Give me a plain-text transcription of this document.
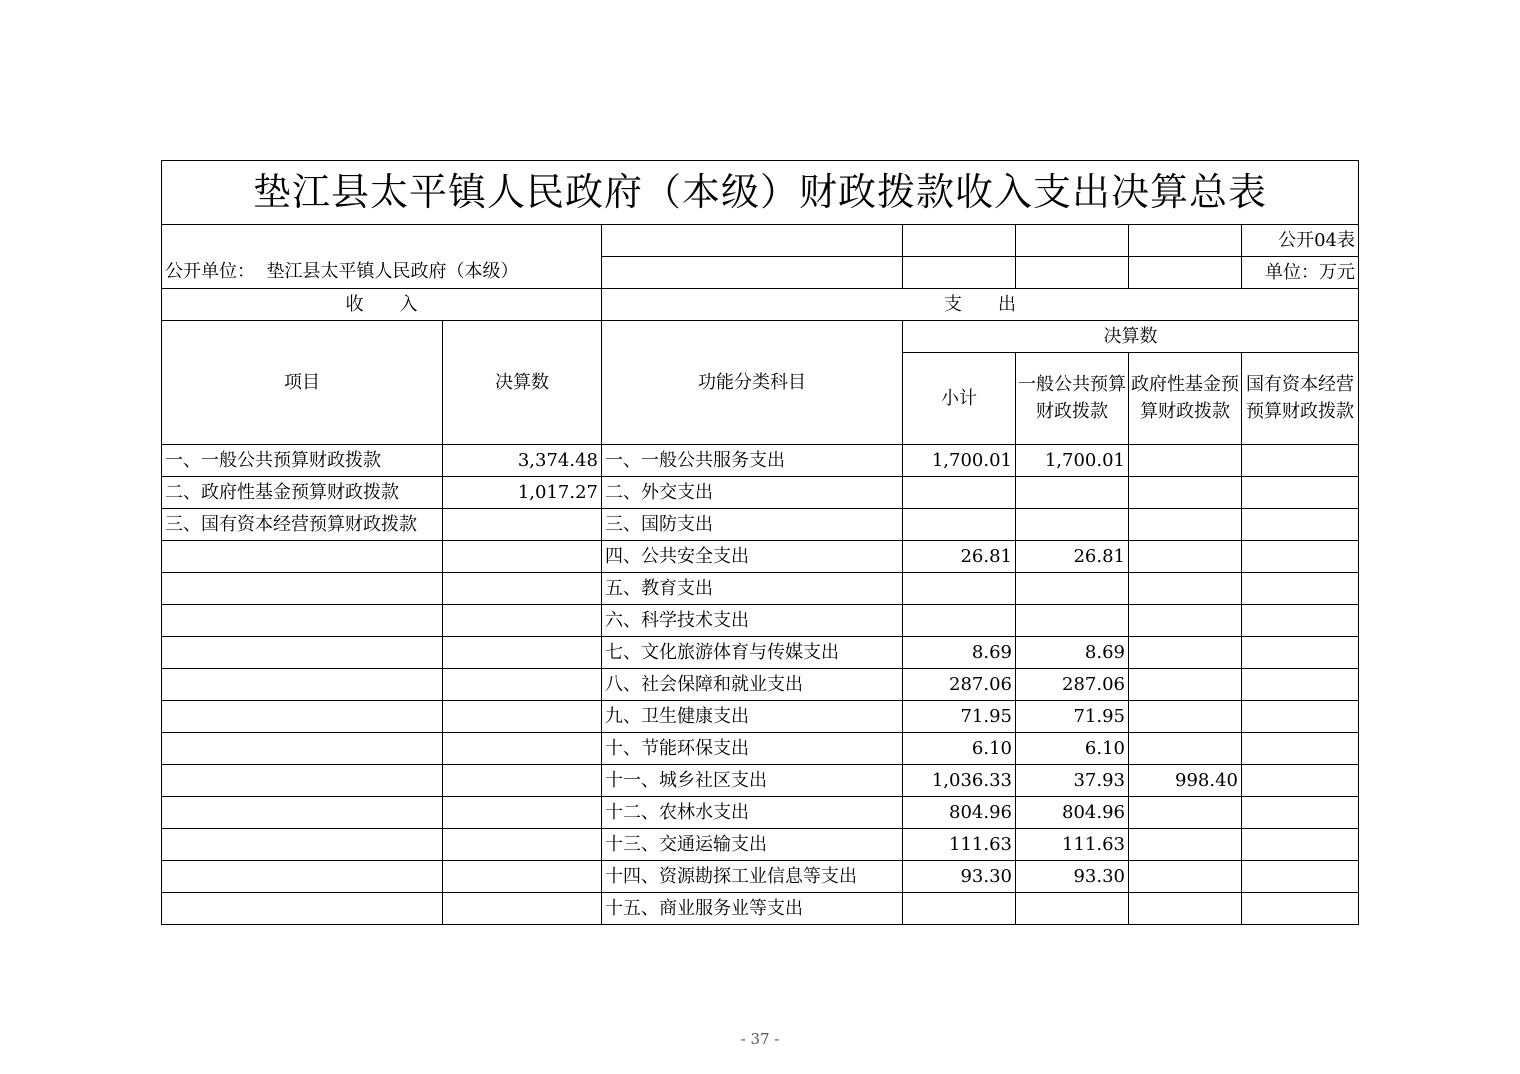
垫江县太平镇人民政府（本级）财政拨款收入支出决算总表						
						公开04表
公开单位： 垫江县太平镇人民政府（本级）						单位：万元
收　　入		支　　出				
项目	决算数	功能分类科目	决算数			
			小计	一般公共预算财政拨款	政府性基金预算财政拨款	国有资本经营预算财政拨款
一、一般公共预算财政拨款	3,374.48	一、一般公共服务支出	1,700.01	1,700.01		
二、政府性基金预算财政拨款	1,017.27	二、外交支出				
三、国有资本经营预算财政拨款		三、国防支出				
		四、公共安全支出	26.81	26.81		
		五、教育支出				
		六、科学技术支出				
		七、文化旅游体育与传媒支出	8.69	8.69		
		八、社会保障和就业支出	287.06	287.06		
		九、卫生健康支出	71.95	71.95		
		十、节能环保支出	6.10	6.10		
		十一、城乡社区支出	1,036.33	37.93	998.40	
		十二、农林水支出	804.96	804.96		
		十三、交通运输支出	111.63	111.63		
		十四、资源勘探工业信息等支出	93.30	93.30		
		十五、商业服务业等支出				
- 37 -
